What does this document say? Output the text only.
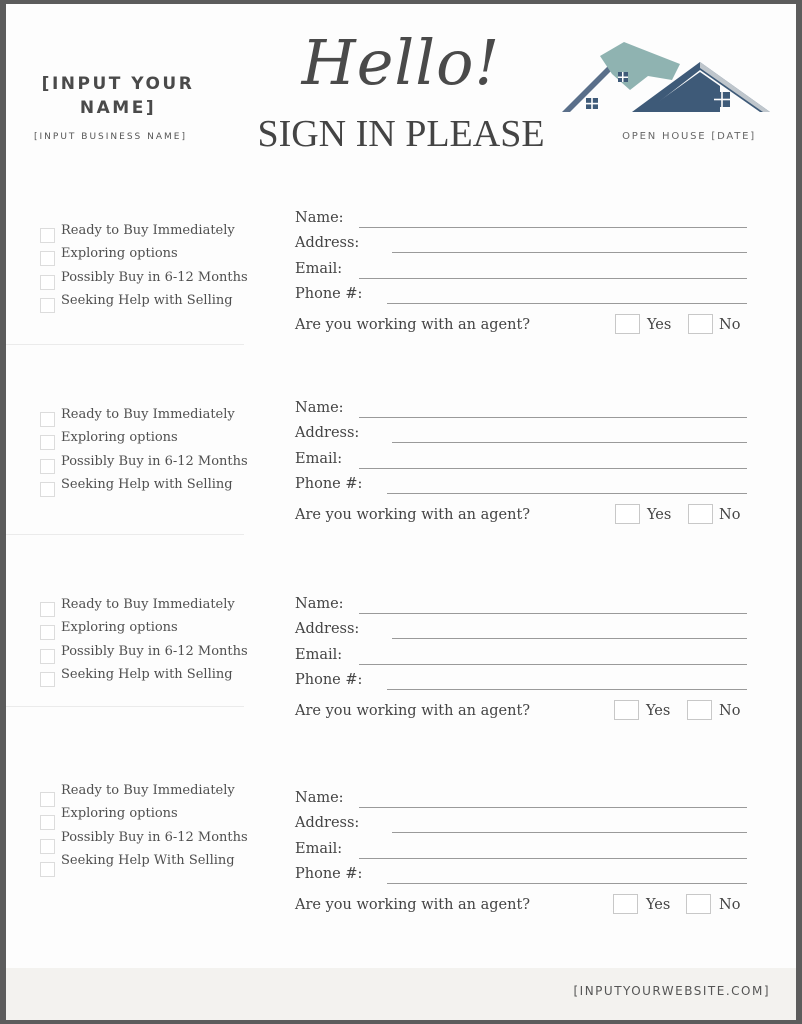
[INPUT YOUR NAME]
[INPUT BUSINESS NAME]
Hello!
SIGN IN PLEASE	OPEN HOUSE [DATE]
Ready to Buy Immediately
Exploring options
Possibly Buy in 6-12 Months
Seeking Help with Selling
Name:
Address:
Email:
Phone #:
Are you working with an agent?	Yes	No
Ready to Buy Immediately
Exploring options
Possibly Buy in 6-12 Months
Seeking Help with Selling
Name:
Address:
Email:
Phone #:
Are you working with an agent?	Yes	No
Ready to Buy Immediately
Exploring options
Possibly Buy in 6-12 Months
Seeking Help with Selling
Name:
Address:
Email:
Phone #:
Are you working with an agent?	Yes	No
Ready to Buy Immediately
Exploring options
Possibly Buy in 6-12 Months
Seeking Help With Selling
Name:
Address:
Email:
Phone #:
Are you working with an agent?	Yes	No
[INPUTYOURWEBSITE.COM]
